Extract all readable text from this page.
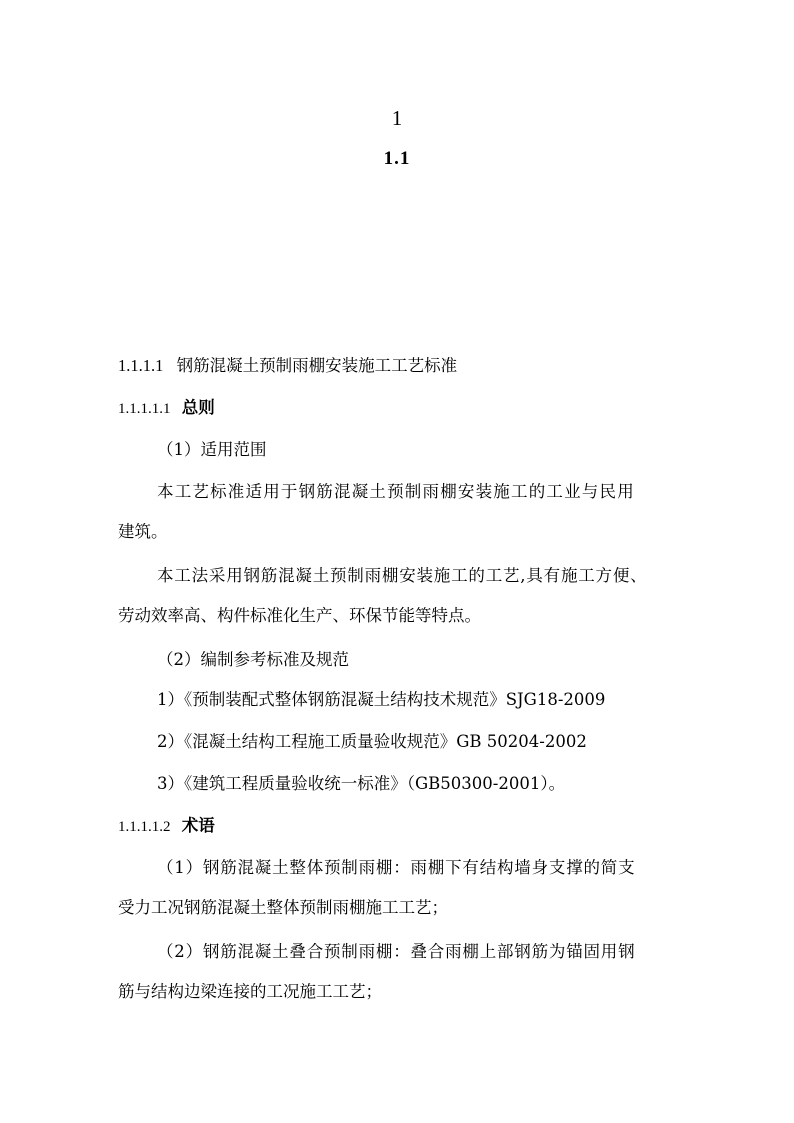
1
1.1
1.1.1.1 钢筋混凝土预制雨棚安装施工工艺标准
1.1.1.1.1 总则
（1）适用范围
本工艺标准适用于钢筋混凝土预制雨棚安装施工的工业与民用
建筑。
本工法采用钢筋混凝土预制雨棚安装施工的工艺,具有施工方便、
劳动效率高、构件标准化生产、环保节能等特点。
（2）编制参考标准及规范
1）《预制装配式整体钢筋混凝土结构技术规范》SJG18-2009
2）《混凝土结构工程施工质量验收规范》GB 50204-2002
3）《建筑工程质量验收统一标准》（GB50300-2001）。
1.1.1.1.2 术语
（1）钢筋混凝土整体预制雨棚：雨棚下有结构墙身支撑的简支
受力工况钢筋混凝土整体预制雨棚施工工艺；
（2）钢筋混凝土叠合预制雨棚：叠合雨棚上部钢筋为锚固用钢
筋与结构边梁连接的工况施工工艺；
